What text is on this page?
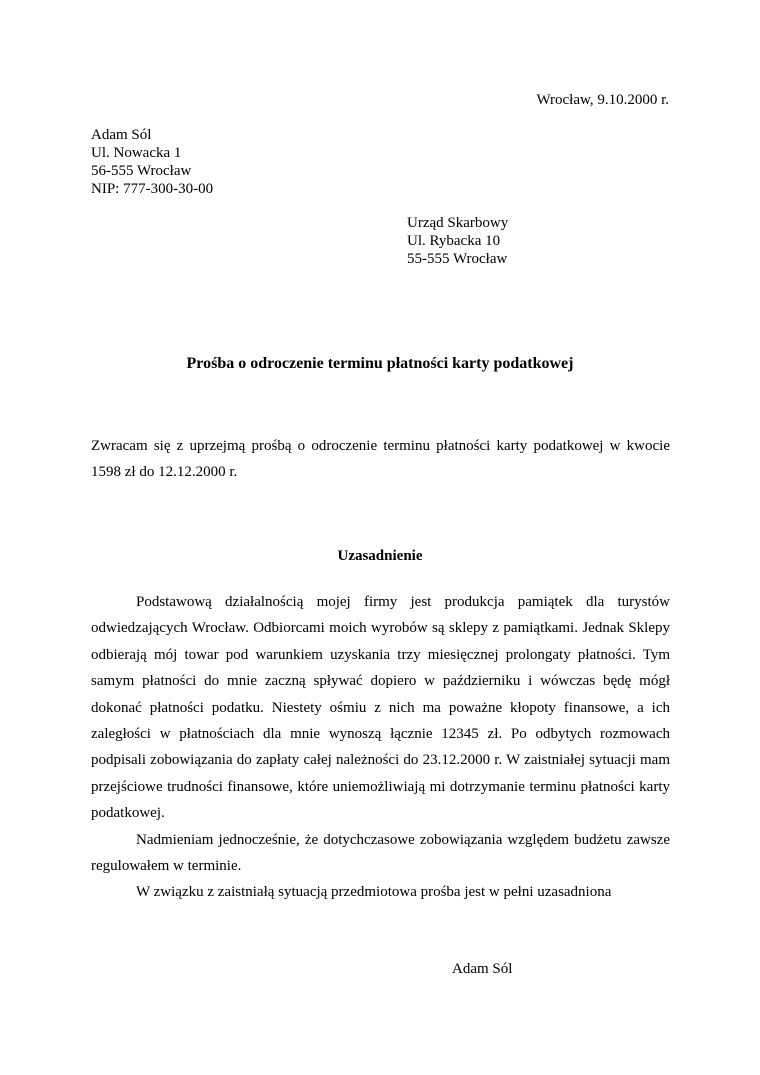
Wrocław, 9.10.2000 r.
Adam Sól
Ul. Nowacka 1
56-555 Wrocław
NIP: 777-300-30-00
Urząd Skarbowy
Ul. Rybacka 10
55-555 Wrocław
Prośba o odroczenie terminu płatności karty podatkowej
Zwracam się z uprzejmą prośbą o odroczenie terminu płatności karty podatkowej w kwocie 1598 zł do 12.12.2000 r.
Uzasadnienie

Podstawową działalnością mojej firmy jest produkcja pamiątek dla turystów odwiedzających Wrocław. Odbiorcami moich wyrobów są sklepy z pamiątkami. Jednak Sklepy odbierają mój towar pod warunkiem uzyskania trzy miesięcznej prolongaty płatności. Tym samym płatności do mnie zaczną spływać dopiero w październiku i wówczas będę mógł dokonać płatności podatku. Niestety ośmiu z nich ma poważne kłopoty finansowe, a ich zaległości w płatnościach dla mnie wynoszą łącznie 12345 zł. Po odbytych rozmowach podpisali zobowiązania do zapłaty całej należności do 23.12.2000 r. W zaistniałej sytuacji mam przejściowe trudności finansowe, które uniemożliwiają mi dotrzymanie terminu płatności karty podatkowej.

Nadmieniam jednocześnie, że dotychczasowe zobowiązania względem budżetu zawsze regulowałem w terminie.

W związku z zaistniałą sytuacją przedmiotowa prośba jest w pełni uzasadniona

Adam Sól
